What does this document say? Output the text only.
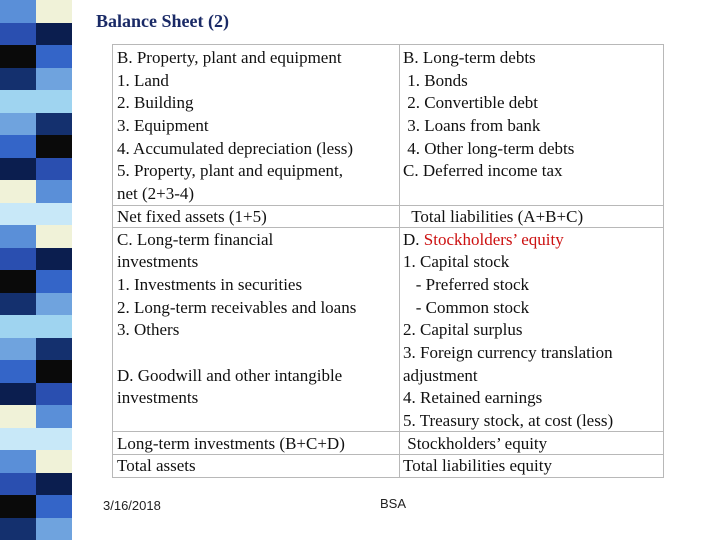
Balance Sheet (2)
B. Property, plant and equipment
1. Land
2. Building
3. Equipment
4. Accumulated depreciation (less)
5. Property, plant and equipment,
net (2+3-4)
Net fixed assets (1+5)
C. Long-term financial
investments
1. Investments in securities
2. Long-term receivables and loans
3. Others
D. Goodwill and other intangible
investments
Long-term investments (B+C+D)
Total assets
B. Long-term debts
1. Bonds
2. Convertible debt
3. Loans from bank
4. Other long-term debts
C. Deferred income tax
Total liabilities (A+B+C)
D. Stockholders’ equity
1. Capital stock
- Preferred stock
- Common stock
2. Capital surplus
3. Foreign currency translation
adjustment
4. Retained earnings
5. Treasury stock, at cost (less)
Stockholders’ equity
Total liabilities equity
3/16/2018	BSA
